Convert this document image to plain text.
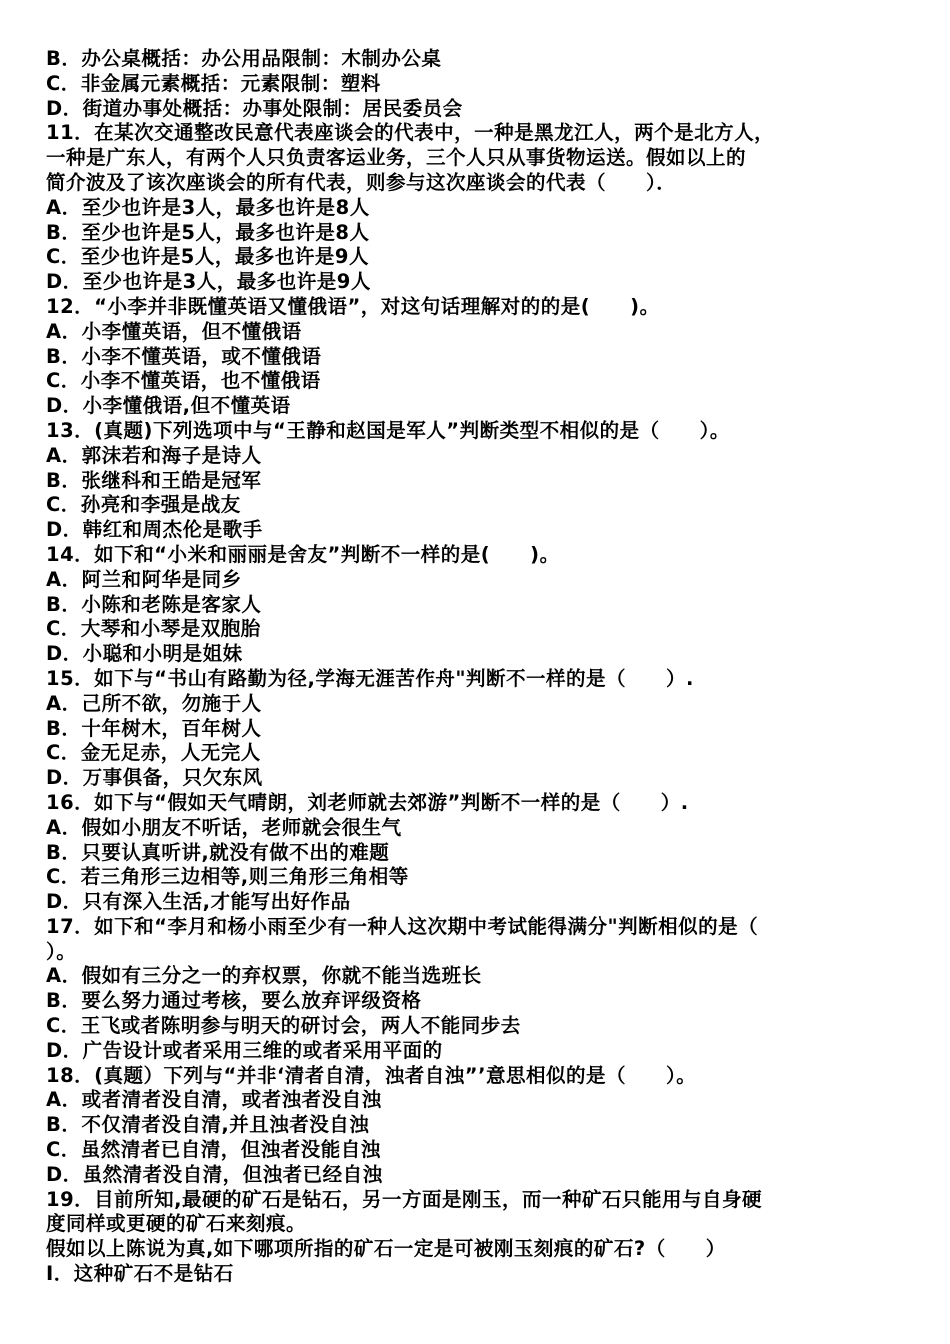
B．办公桌概括：办公用品限制：木制办公桌
C．非金属元素概括：元素限制：塑料
D．街道办事处概括：办事处限制：居民委员会
11．在某次交通整改民意代表座谈会的代表中，一种是黑龙江人，两个是北方人，
一种是广东人，有两个人只负责客运业务，三个人只从事货物运送。假如以上的
简介波及了该次座谈会的所有代表，则参与这次座谈会的代表（　　）．
A．至少也许是3人，最多也许是8人
B．至少也许是5人，最多也许是8人
C．至少也许是5人，最多也许是9人
D．至少也许是3人，最多也许是9人
12．“小李并非既懂英语又懂俄语”，对这句话理解对的的是(　　)。
A．小李懂英语，但不懂俄语
B．小李不懂英语，或不懂俄语
C．小李不懂英语，也不懂俄语
D．小李懂俄语,但不懂英语
13．(真题)下列选项中与“王静和赵国是军人”判断类型不相似的是（　　）。
A．郭沫若和海子是诗人
B．张继科和王皓是冠军
C．孙亮和李强是战友
D．韩红和周杰伦是歌手
14．如下和“小米和丽丽是舍友”判断不一样的是(　　)。
A．阿兰和阿华是同乡
B．小陈和老陈是客家人
C．大琴和小琴是双胞胎
D．小聪和小明是姐妹
15．如下与“书山有路勤为径,学海无涯苦作舟"判断不一样的是（　　）.
A．己所不欲，勿施于人
B．十年树木，百年树人
C．金无足赤，人无完人
D．万事俱备，只欠东风
16．如下与“假如天气晴朗，刘老师就去郊游”判断不一样的是（　　）.
A．假如小朋友不听话，老师就会很生气
B．只要认真听讲,就没有做不出的难题
C．若三角形三边相等,则三角形三角相等
D．只有深入生活,才能写出好作品
17．如下和“李月和杨小雨至少有一种人这次期中考试能得满分"判断相似的是（
）。
A．假如有三分之一的弃权票，你就不能当选班长
B．要么努力通过考核，要么放弃评级资格
C．王飞或者陈明参与明天的研讨会，两人不能同步去
D．广告设计或者采用三维的或者采用平面的
18．(真题）下列与“并非‘清者自清，浊者自浊”’意思相似的是（　　）。
A．或者清者没自清，或者浊者没自浊
B．不仅清者没自清,并且浊者没自浊
C．虽然清者已自清，但浊者没能自浊
D．虽然清者没自清，但浊者已经自浊
19．目前所知,最硬的矿石是钻石，另一方面是刚玉，而一种矿石只能用与自身硬
度同样或更硬的矿石来刻痕。
假如以上陈说为真,如下哪项所指的矿石一定是可被刚玉刻痕的矿石?（　　）
Ⅰ．这种矿石不是钻石
